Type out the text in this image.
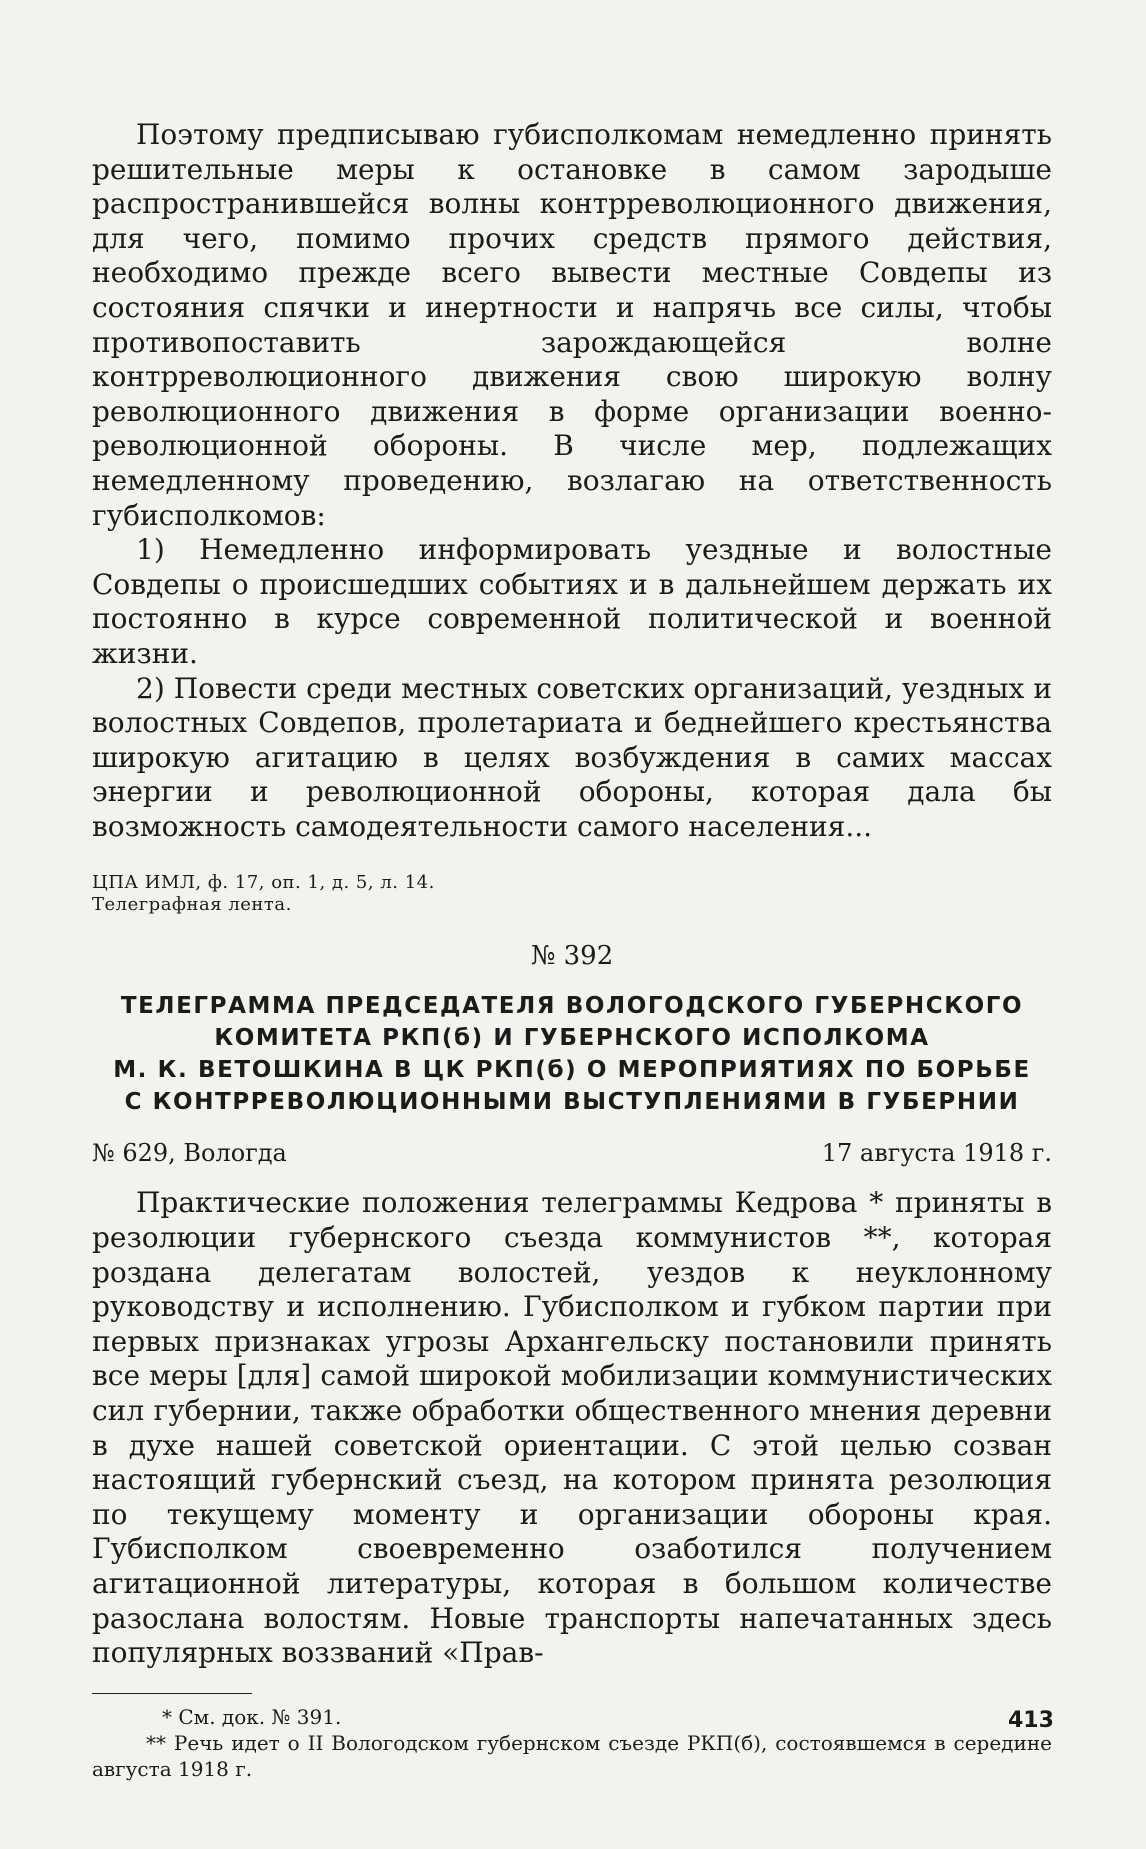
Поэтому предписываю губисполкомам немедленно принять решительные меры к остановке в самом зародыше распространившейся волны контрреволюционного движения, для чего, помимо прочих средств прямого действия, необходимо прежде всего вывести местные Совдепы из состояния спячки и инертности и напрячь все силы, чтобы противопоставить зарождающейся волне контрреволюционного движения свою широкую волну революционного движения в форме организации военно-революционной обороны. В числе мер, подлежащих немедленному проведению, возлагаю на ответственность губисполкомов:

1) Немедленно информировать уездные и волостные Совдепы о происшедших событиях и в дальнейшем держать их постоянно в курсе современной политической и военной жизни.

2) Повести среди местных советских организаций, уездных и волостных Совдепов, пролетариата и беднейшего крестьянства широкую агитацию в целях возбуждения в самих массах энергии и революционной обороны, которая дала бы возможность самодеятельности самого населения...

ЦПА ИМЛ, ф. 17, оп. 1, д. 5, л. 14.
Телеграфная лента.
№ 392
ТЕЛЕГРАММА ПРЕДСЕДАТЕЛЯ ВОЛОГОДСКОГО ГУБЕРНСКОГО
КОМИТЕТА РКП(б) И ГУБЕРНСКОГО ИСПОЛКОМА
М. К. ВЕТОШКИНА В ЦК РКП(б) О МЕРОПРИЯТИЯХ ПО БОРЬБЕ
С КОНТРРЕВОЛЮЦИОННЫМИ ВЫСТУПЛЕНИЯМИ В ГУБЕРНИИ
№ 629, Вологда	17 августа 1918 г.

Практические положения телеграммы Кедрова * приняты в резолюции губернского съезда коммунистов **, которая роздана делегатам волостей, уездов к неуклонному руководству и исполнению. Губисполком и губком партии при первых признаках угрозы Архангельску постановили принять все меры [для] самой широкой мобилизации коммунистических сил губернии, также обработки общественного мнения деревни в духе нашей советской ориентации. С этой целью созван настоящий губернский съезд, на котором принята резолюция по текущему моменту и организации обороны края. Губисполком своевременно озаботился получением агитационной литературы, которая в большом количестве разослана волостям. Новые транспорты напечатанных здесь популярных воззваний «Прав-

* См. док. № 391.

** Речь идет о II Вологодском губернском съезде РКП(б), состоявшемся в середине августа 1918 г.

413
